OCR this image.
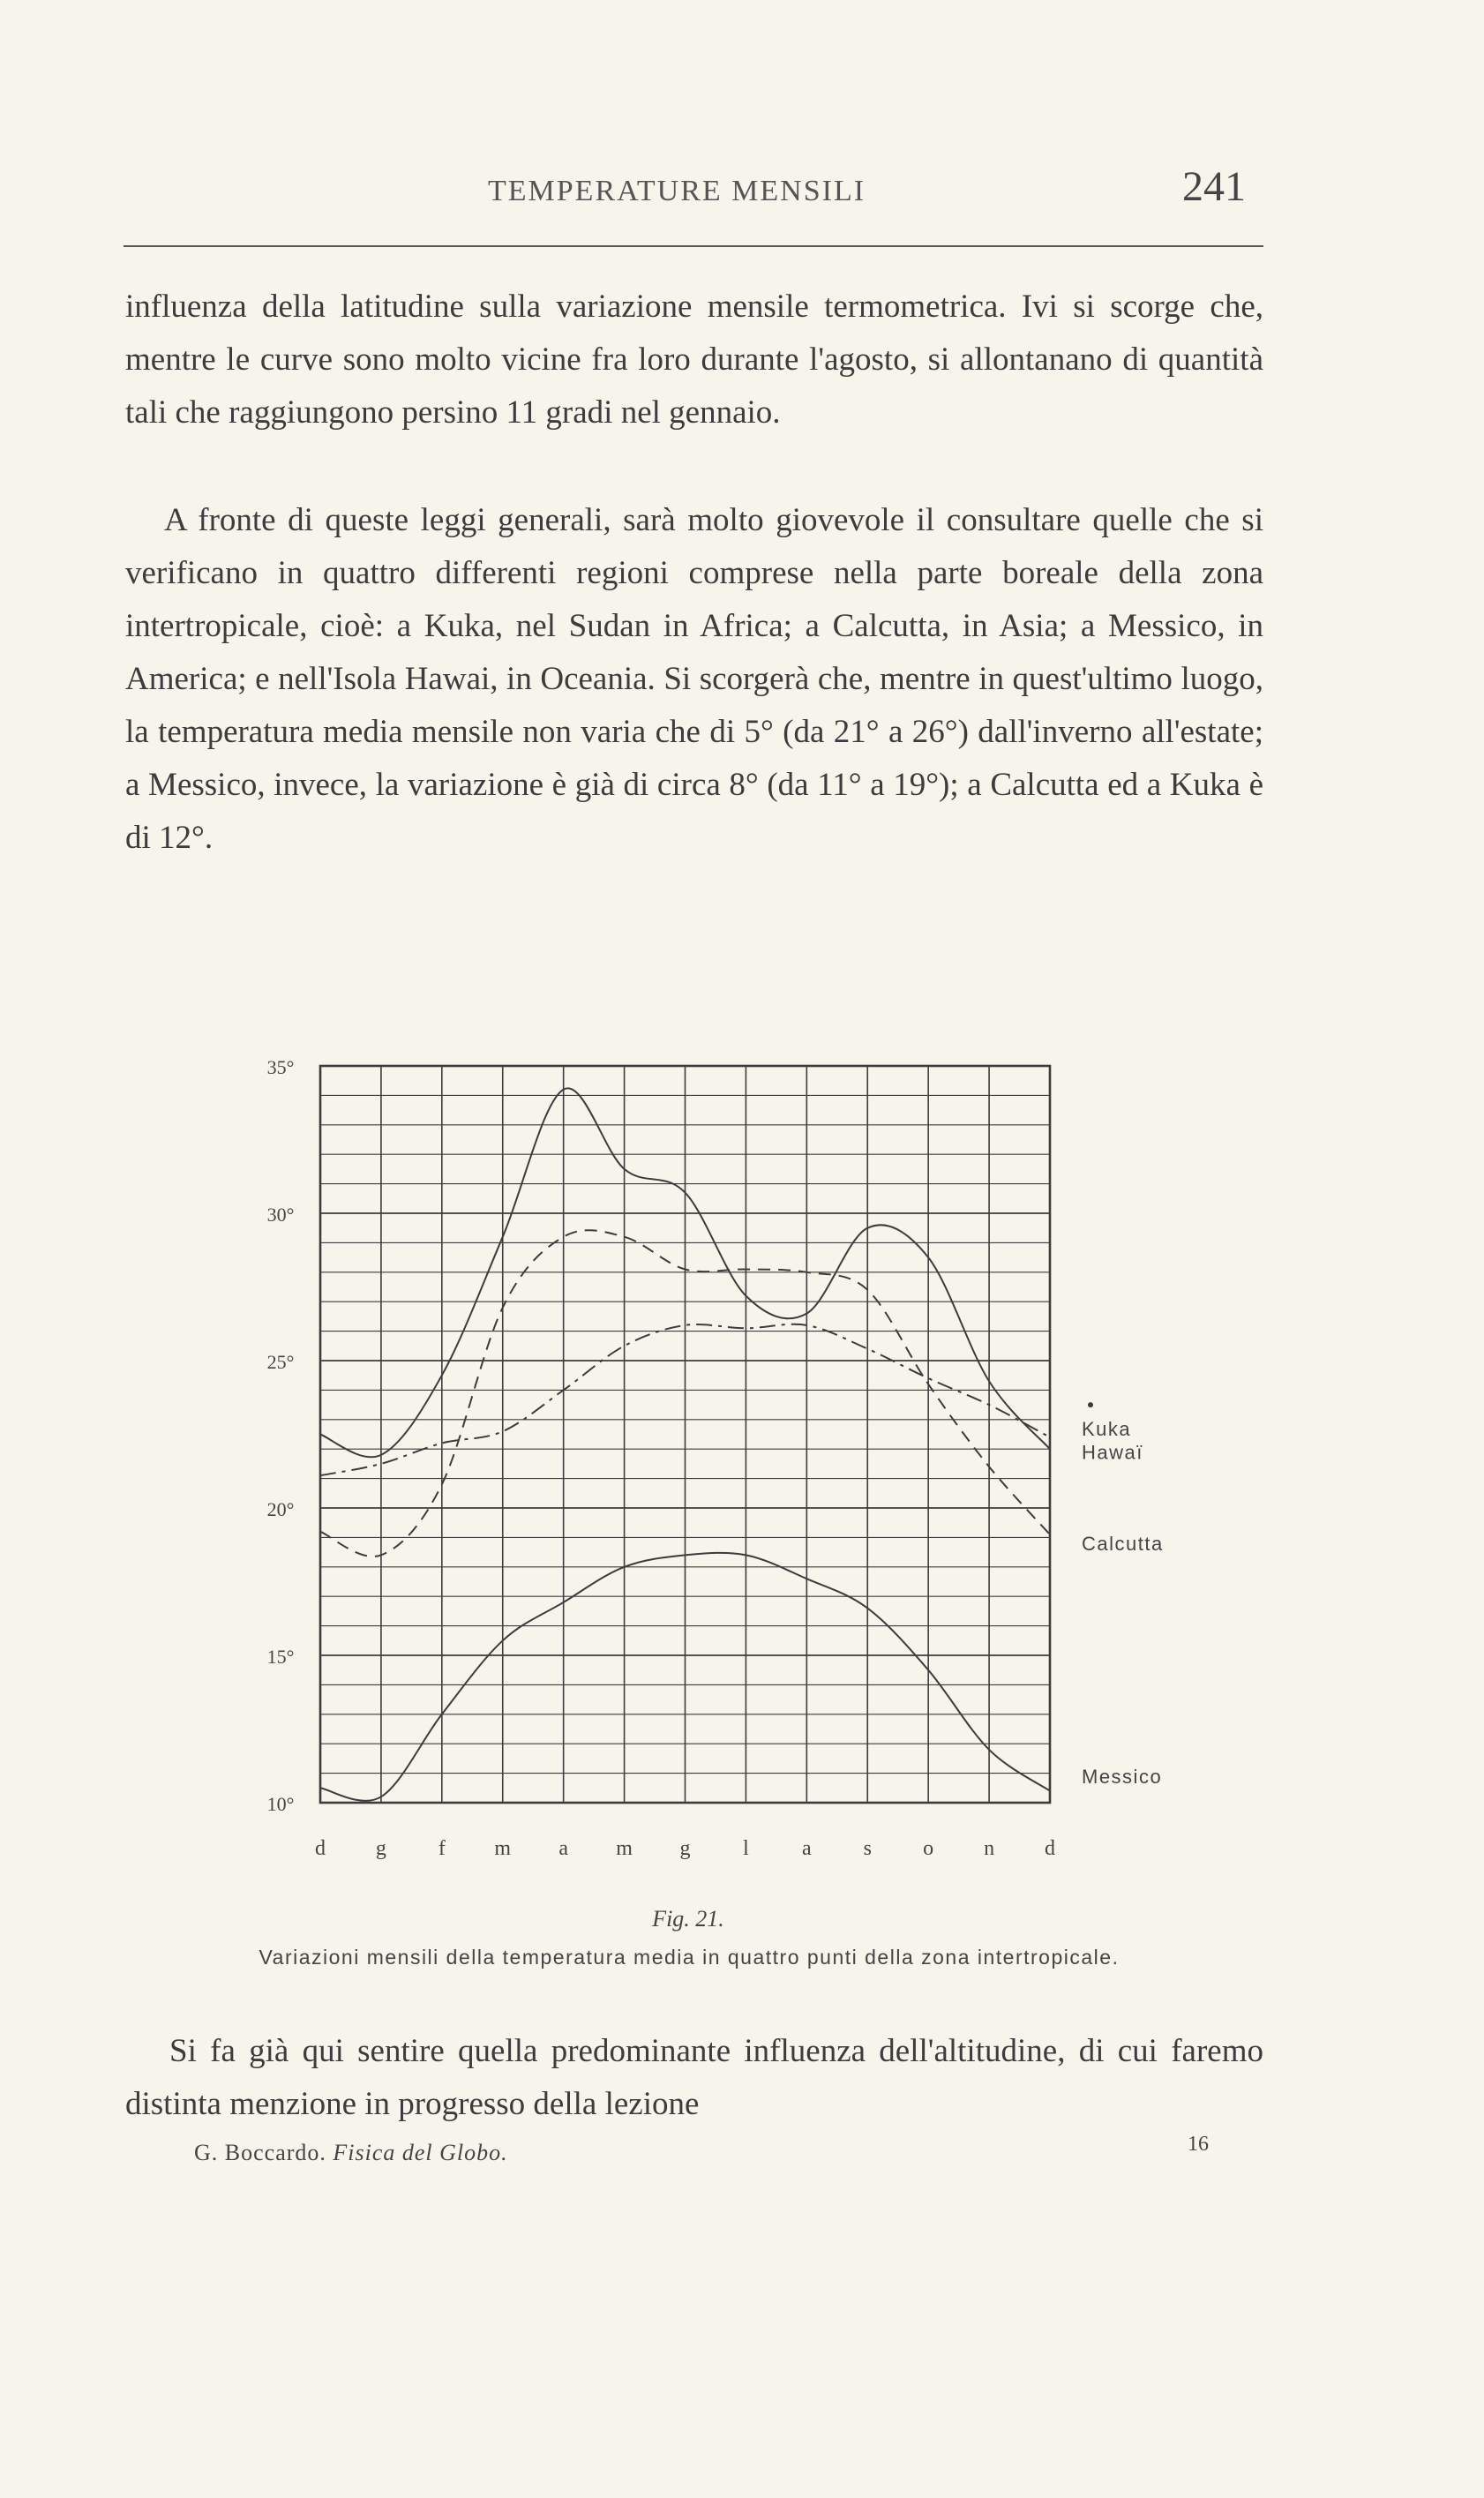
TEMPERATURE MENSILI	241

influenza della latitudine sulla variazione mensile termometrica. Ivi si scorge che, mentre le curve sono molto vicine fra loro durante l'agosto, si allontanano di quantità tali che raggiungono persino 11 gradi nel gennaio.

A fronte di queste leggi generali, sarà molto giovevole il consultare quelle che si verificano in quattro differenti regioni comprese nella parte boreale della zona intertropicale, cioè: a Kuka, nel Sudan in Africa; a Calcutta, in Asia; a Messico, in America; e nell'Isola Hawai, in Oceania. Si scorgerà che, mentre in quest'ultimo luogo, la temperatura media mensile non varia che di 5° (da 21° a 26°) dall'inverno all'estate; a Messico, invece, la variazione è già di circa 8° (da 11° a 19°); a Calcutta ed a Kuka è di 12°.

35°
30°
25°
20°
15°
10°
d g f m a m g l	a s o n d
Kuka
Hawaï
Calcutta
Messico
Fig. 21.
Variazioni mensili della temperatura media in quattro punti della zona intertropicale.

Si fa già qui sentire quella predominante influenza dell'altitudine, di cui faremo distinta menzione in progresso della lezione

G. Boccardo. Fisica del Globo.	16
